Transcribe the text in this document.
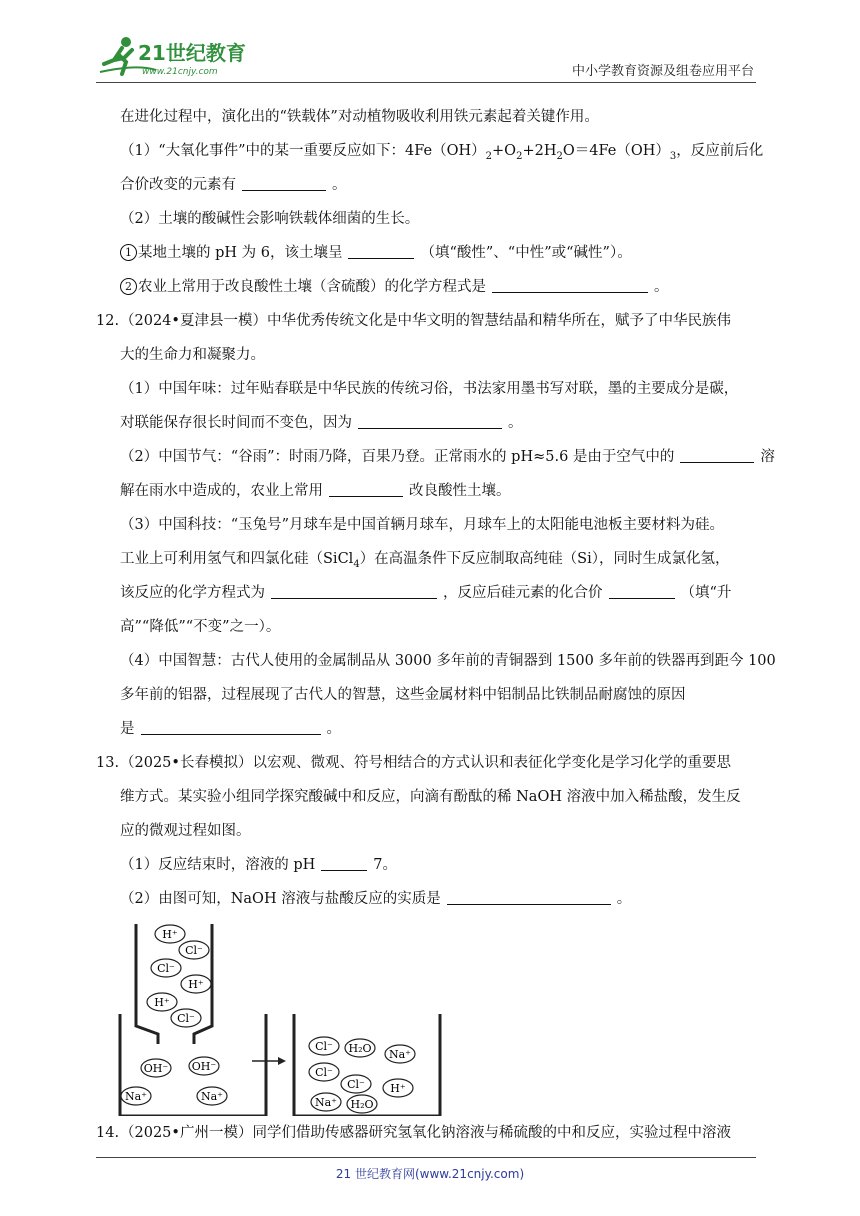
21世纪教育
www.21cnjy.com	中小学教育资源及组卷应用平台

在进化过程中，演化出的“铁载体”对动植物吸收利用铁元素起着关键作用。

（1）“大氧化事件”中的某一重要反应如下：$4Fe(OH)_2+O_2+2H_2O=4Fe(OH)_3$，反应前后化

合价改变的元素有	。

（2）土壤的酸碱性会影响铁载体细菌的生长。

1 某地土壤的 pH 为 6，该土壤呈	（填“酸性”、“中性”或“碱性”）。

2 农业上常用于改良酸性土壤（含硫酸）的化学方程式是	。

12. （2024•夏津县一模）中华优秀传统文化是中华文明的智慧结晶和精华所在，赋予了中华民族伟

大的生命力和凝聚力。

（1）中国年味：过年贴春联是中华民族的传统习俗，书法家用墨书写对联，墨的主要成分是碳，

对联能保存很长时间而不变色，因为	。

（2）中国节气：“谷雨”：时雨乃降，百果乃登。正常雨水的 pH≈5.6 是由于空气中的	溶

解在雨水中造成的，农业上常用	改良酸性土壤。

（3）中国科技：“玉兔号”月球车是中国首辆月球车，月球车上的太阳能电池板主要材料为硅。

工业上可利用氢气和四氯化硅（SiCl$_4$）在高温条件下反应制取高纯硅（Si），同时生成氯化氢，

该反应的化学方程式为	，反应后硅元素的化合价	（填“升

高”“降低”“不变”之一）。

（4）中国智慧：古代人使用的金属制品从 3000 多年前的青铜器到 1500 多年前的铁器再到距今 100

多年前的铝器，过程展现了古代人的智慧，这些金属材料中铝制品比铁制品耐腐蚀的原因

是	。

13. （2025•长春模拟）以宏观、微观、符号相结合的方式认识和表征化学变化是学习化学的重要思

维方式。某实验小组同学探究酸碱中和反应，向滴有酚酞的稀 NaOH 溶液中加入稀盐酸，发生反

应的微观过程如图。

（1）反应结束时，溶液的 pH	7。

（2）由图可知，NaOH 溶液与盐酸反应的实质是	。

H⁺
Cl⁻
Cl⁻
H⁺
H⁺
Cl⁻
OH⁻ OH⁻
Na⁺	Na⁺
Cl⁻ H₂O Na⁺
Cl⁻
Cl⁻ H⁺
Na⁺ H₂O
14. （2025•广州一模）同学们借助传感器研究氢氧化钠溶液与稀硫酸的中和反应，实验过程中溶液

21 世纪教育网(www.21cnjy.com)
